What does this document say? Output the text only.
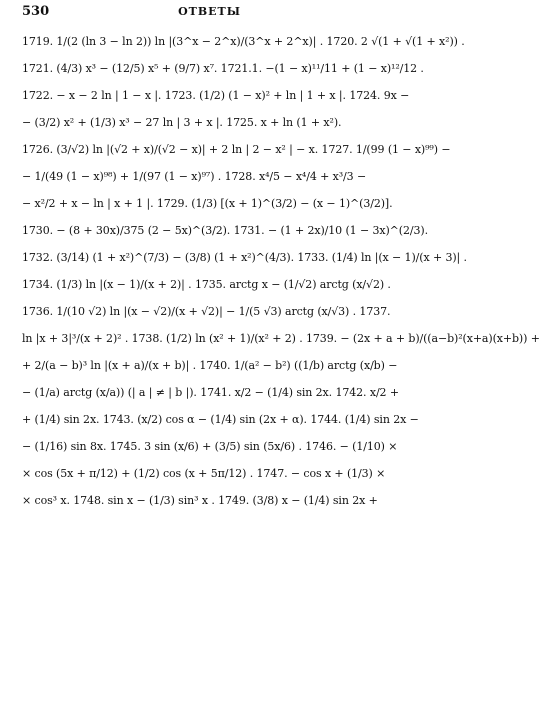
530	ОТВЕТЫ
1719. 1/(2 (ln 3 − ln 2)) ln |(3^x − 2^x)/(3^x + 2^x)| . 1720. 2 √(1 + √(1 + x²)) .
1721. (4/3) x³ − (12/5) x⁵ + (9/7) x⁷. 1721.1. −(1 − x)¹¹/11 + (1 − x)¹²/12 .
1722. − x − 2 ln | 1 − x |. 1723. (1/2) (1 − x)² + ln | 1 + x |. 1724. 9x −
− (3/2) x² + (1/3) x³ − 27 ln | 3 + x |. 1725. x + ln (1 + x²).
1726. (3/√2) ln |(√2 + x)/(√2 − x)| + 2 ln | 2 − x² | − x. 1727. 1/(99 (1 − x)⁹⁹) −
− 1/(49 (1 − x)⁹⁸) + 1/(97 (1 − x)⁹⁷) . 1728. x⁴/5 − x⁴/4 + x³/3 −
− x²/2 + x − ln | x + 1 |. 1729. (1/3) [(x + 1)^(3/2) − (x − 1)^(3/2)].
1730. − (8 + 30x)/375 (2 − 5x)^(3/2). 1731. − (1 + 2x)/10 (1 − 3x)^(2/3).
1732. (3/14) (1 + x²)^(7/3) − (3/8) (1 + x²)^(4/3). 1733. (1/4) ln |(x − 1)/(x + 3)| .
1734. (1/3) ln |(x − 1)/(x + 2)| . 1735. arctg x − (1/√2) arctg (x/√2) .
1736. 1/(10 √2) ln |(x − √2)/(x + √2)| − 1/(5 √3) arctg (x/√3) . 1737.
ln |x + 3|³/(x + 2)² . 1738. (1/2) ln (x² + 1)/(x² + 2) . 1739. − (2x + a + b)/((a−b)²(x+a)(x+b)) +
+ 2/(a − b)³ ln |(x + a)/(x + b)| . 1740. 1/(a² − b²) ((1/b) arctg (x/b) −
− (1/a) arctg (x/a)) (| a | ≠ | b |). 1741. x/2 − (1/4) sin 2x. 1742. x/2 +
+ (1/4) sin 2x. 1743. (x/2) cos α − (1/4) sin (2x + α). 1744. (1/4) sin 2x −
− (1/16) sin 8x. 1745. 3 sin (x/6) + (3/5) sin (5x/6) . 1746. − (1/10) ×
× cos (5x + π/12) + (1/2) cos (x + 5π/12) . 1747. − cos x + (1/3) ×
× cos³ x. 1748. sin x − (1/3) sin³ x . 1749. (3/8) x − (1/4) sin 2x +
